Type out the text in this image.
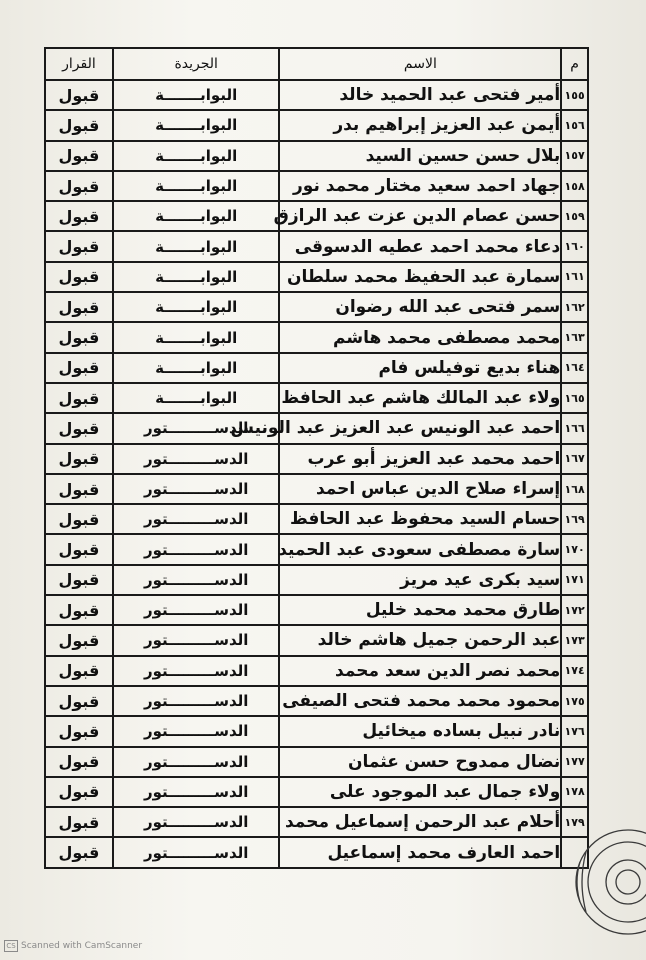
م	الاسم	الجريدة	القرار
١٥٥	أمير فتحى عبد الحميد خالد	البوابـــــــة	قبول
١٥٦	أيمن عبد العزيز إبراهيم بدر	البوابـــــــة	قبول
١٥٧	بلال حسن حسين السيد	البوابـــــــة	قبول
١٥٨	جهاد احمد سعيد مختار محمد نور	البوابـــــــة	قبول
١٥٩	حسن عصام الدين عزت عبد الرازق	البوابـــــــة	قبول
١٦٠	دعاء محمد احمد عطيه الدسوقى	البوابـــــــة	قبول
١٦١	سمارة عبد الحفيظ محمد سلطان	البوابـــــــة	قبول
١٦٢	سمر فتحى عبد الله رضوان	البوابـــــــة	قبول
١٦٣	محمد مصطفى محمد هاشم	البوابـــــــة	قبول
١٦٤	هناء بديع توفيلس فام	البوابـــــــة	قبول
١٦٥	ولاء عبد المالك هاشم عبد الحافظ	البوابـــــــة	قبول
١٦٦	احمد عبد الونيس عبد العزيز عبد الونيس	الدســـــــــتور	قبول
١٦٧	احمد محمد عبد العزيز أبو عرب	الدســـــــــتور	قبول
١٦٨	إسراء صلاح الدين عباس احمد	الدســـــــــتور	قبول
١٦٩	حسام السيد محفوظ عبد الحافظ	الدســـــــــتور	قبول
١٧٠	سارة مصطفى سعودى عبد الحميد	الدســـــــــتور	قبول
١٧١	سيد بكرى عيد مريز	الدســـــــــتور	قبول
١٧٢	طارق محمد محمد خليل	الدســـــــــتور	قبول
١٧٣	عبد الرحمن جميل هاشم خالد	الدســـــــــتور	قبول
١٧٤	محمد نصر الدين سعد محمد	الدســـــــــتور	قبول
١٧٥	محمود محمد محمد فتحى الصيفى	الدســـــــــتور	قبول
١٧٦	نادر نبيل بساده ميخائيل	الدســـــــــتور	قبول
١٧٧	نضال ممدوح حسن عثمان	الدســـــــــتور	قبول
١٧٨	ولاء جمال عبد الموجود على	الدســـــــــتور	قبول
١٧٩	أحلام عبد الرحمن إسماعيل محمد	الدســـــــــتور	قبول
	احمد العارف محمد إسماعيل	الدســـــــــتور	قبول
CS Scanned with CamScanner
